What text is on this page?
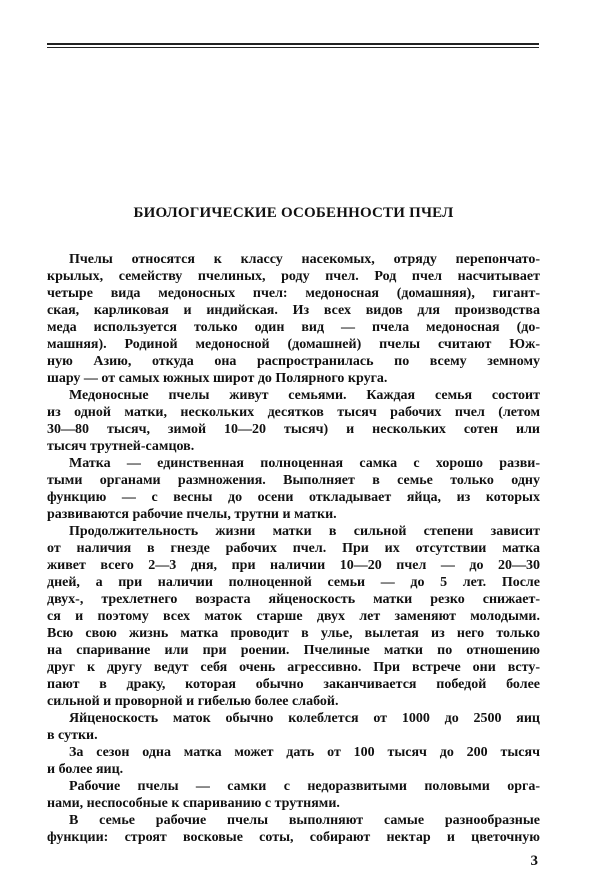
БИОЛОГИЧЕСКИЕ ОСОБЕННОСТИ ПЧЕЛ
Пчелы относятся к классу насекомых, отряду перепончато-
крылых, семейству пчелиных, роду пчел. Род пчел насчитывает
четыре вида медоносных пчел: медоносная (домашняя), гигант-
ская, карликовая и индийская. Из всех видов для производства
меда используется только один вид — пчела медоносная (до-
машняя). Родиной медоносной (домашней) пчелы считают Юж-
ную Азию, откуда она распространилась по всему земному
шару — от самых южных широт до Полярного круга.
Медоносные пчелы живут семьями. Каждая семья состоит
из одной матки, нескольких десятков тысяч рабочих пчел (летом
30—80 тысяч, зимой 10—20 тысяч) и нескольких сотен или
тысяч трутней-самцов.
Матка — единственная полноценная самка с хорошо разви-
тыми органами размножения. Выполняет в семье только одну
функцию — с весны до осени откладывает яйца, из которых
развиваются рабочие пчелы, трутни и матки.
Продолжительность жизни матки в сильной степени зависит
от наличия в гнезде рабочих пчел. При их отсутствии матка
живет всего 2—3 дня, при наличии 10—20 пчел — до 20—30
дней, а при наличии полноценной семьи — до 5 лет. После
двух-, трехлетнего возраста яйценоскость матки резко снижает-
ся и поэтому всех маток старше двух лет заменяют молодыми.
Всю свою жизнь матка проводит в улье, вылетая из него только
на спаривание или при роении. Пчелиные матки по отношению
друг к другу ведут себя очень агрессивно. При встрече они всту-
пают в драку, которая обычно заканчивается победой более
сильной и проворной и гибелью более слабой.
Яйценоскость маток обычно колеблется от 1000 до 2500 яиц
в сутки.
За сезон одна матка может дать от 100 тысяч до 200 тысяч
и более яиц.
Рабочие пчелы — самки с недоразвитыми половыми орга-
нами, неспособные к спариванию с трутнями.
В семье рабочие пчелы выполняют самые разнообразные
функции: строят восковые соты, собирают нектар и цветочную
3
